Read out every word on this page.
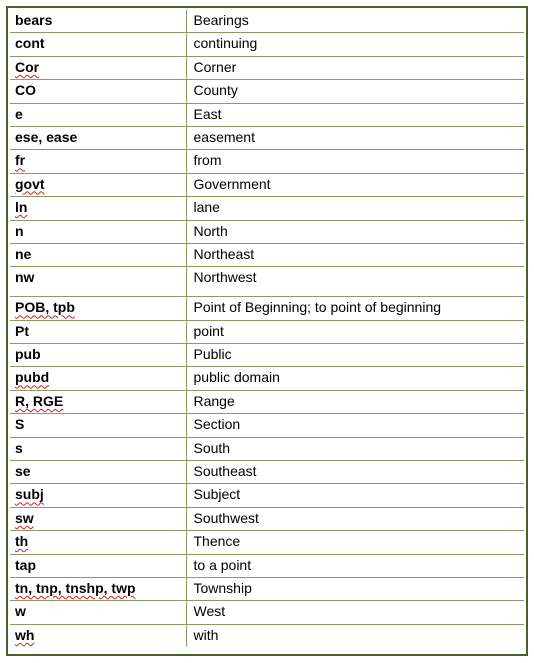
bears	Bearings
cont	continuing
Cor	Corner
CO	County
e	East
ese, ease	easement
fr	from
govt	Government
ln	lane
n	North
ne	Northeast
nw	Northwest
POB, tpb	Point of Beginning; to point of beginning
Pt	point
pub	Public
pubd	public domain
R, RGE	Range
S	Section
s	South
se	Southeast
subj	Subject
sw	Southwest
th	Thence
tap	to a point
tn, tnp, tnshp, twp	Township
w	West
wh	with
